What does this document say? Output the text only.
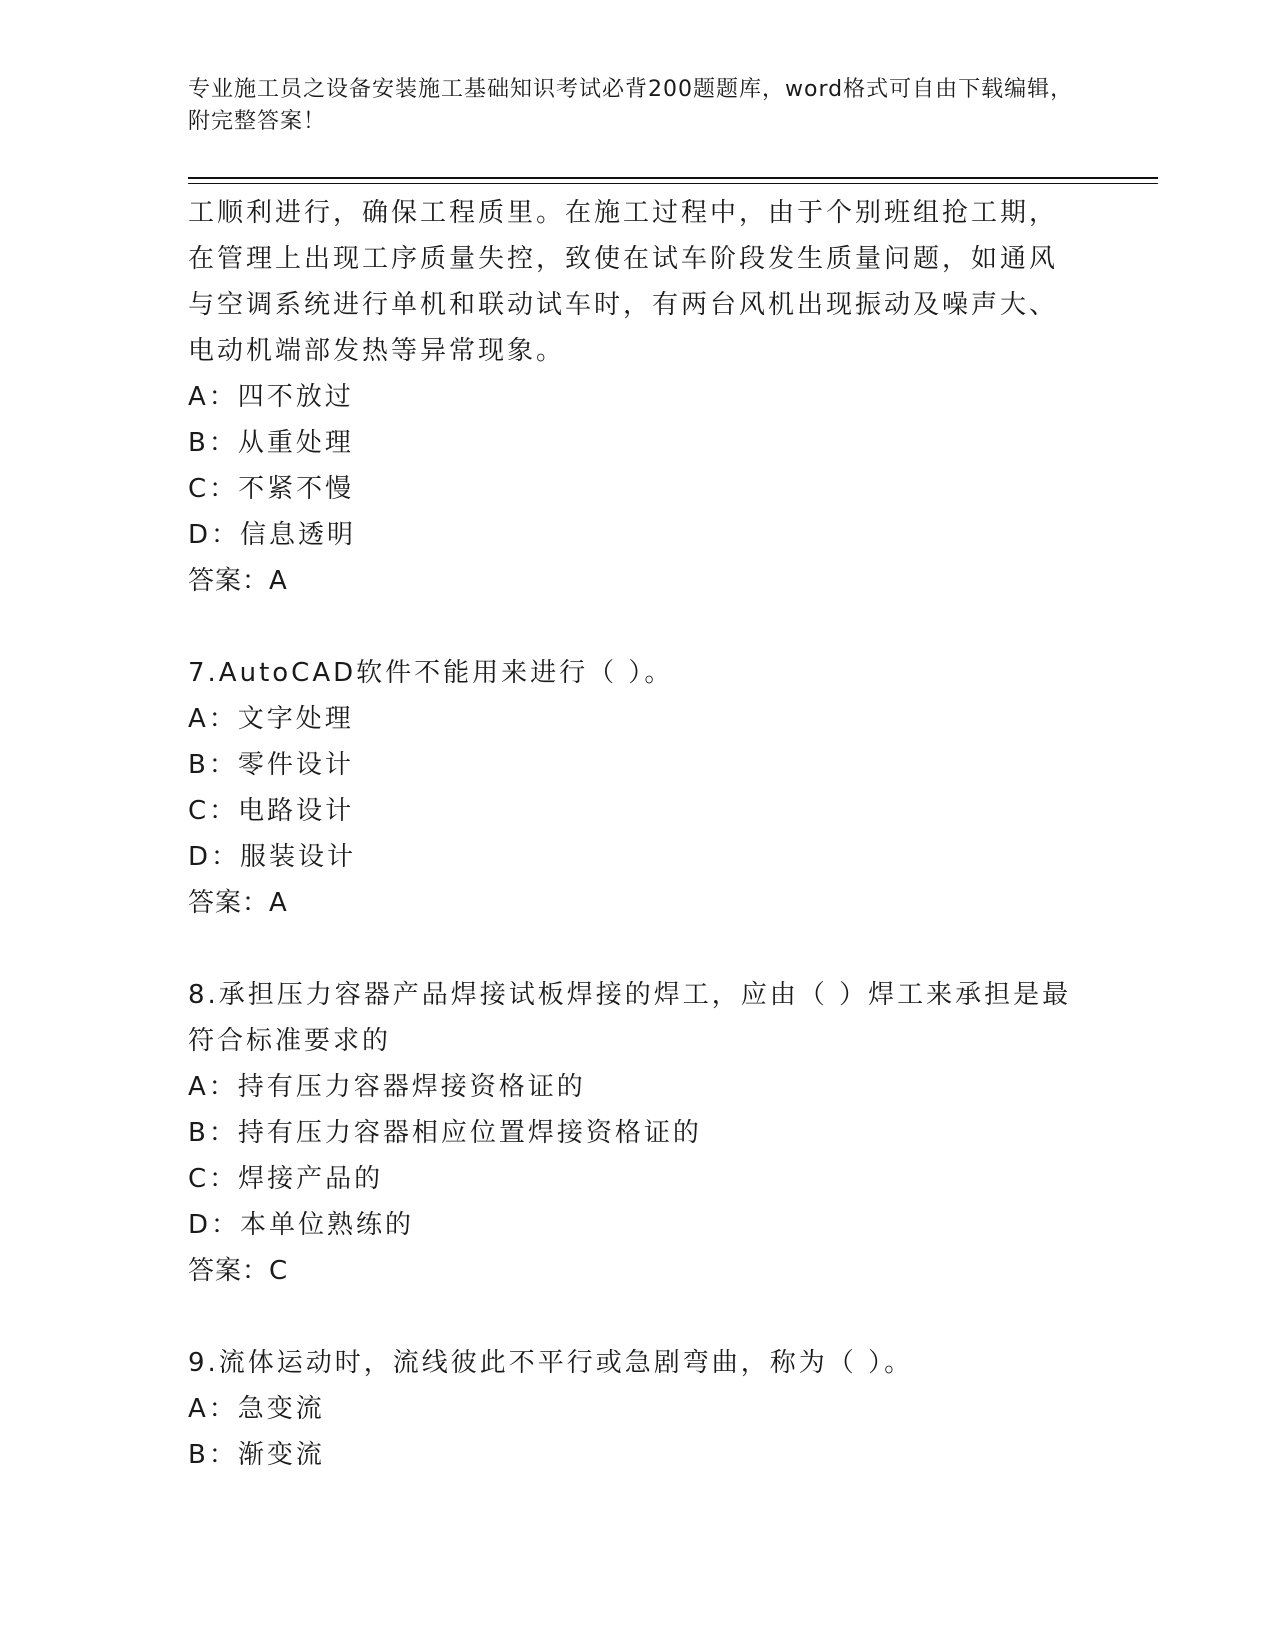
专业施工员之设备安装施工基础知识考试必背200题题库，word格式可自由下载编辑，附完整答案！
工顺利进行，确保工程质里。在施工过程中，由于个别班组抢工期，
在管理上出现工序质量失控，致使在试车阶段发生质量问题，如通风
与空调系统进行单机和联动试车时，有两台风机出现振动及噪声大、
电动机端部发热等异常现象。
A：四不放过
B：从重处理
C：不紧不慢
D：信息透明
答案：A
7.AutoCAD软件不能用来进行（ ）。
A：文字处理
B：零件设计
C：电路设计
D：服装设计
答案：A
8.承担压力容器产品焊接试板焊接的焊工，应由（ ）焊工来承担是最
符合标准要求的
A：持有压力容器焊接资格证的
B：持有压力容器相应位置焊接资格证的
C：焊接产品的
D：本单位熟练的
答案：C
9.流体运动时，流线彼此不平行或急剧弯曲，称为（ ）。
A：急变流
B：渐变流
